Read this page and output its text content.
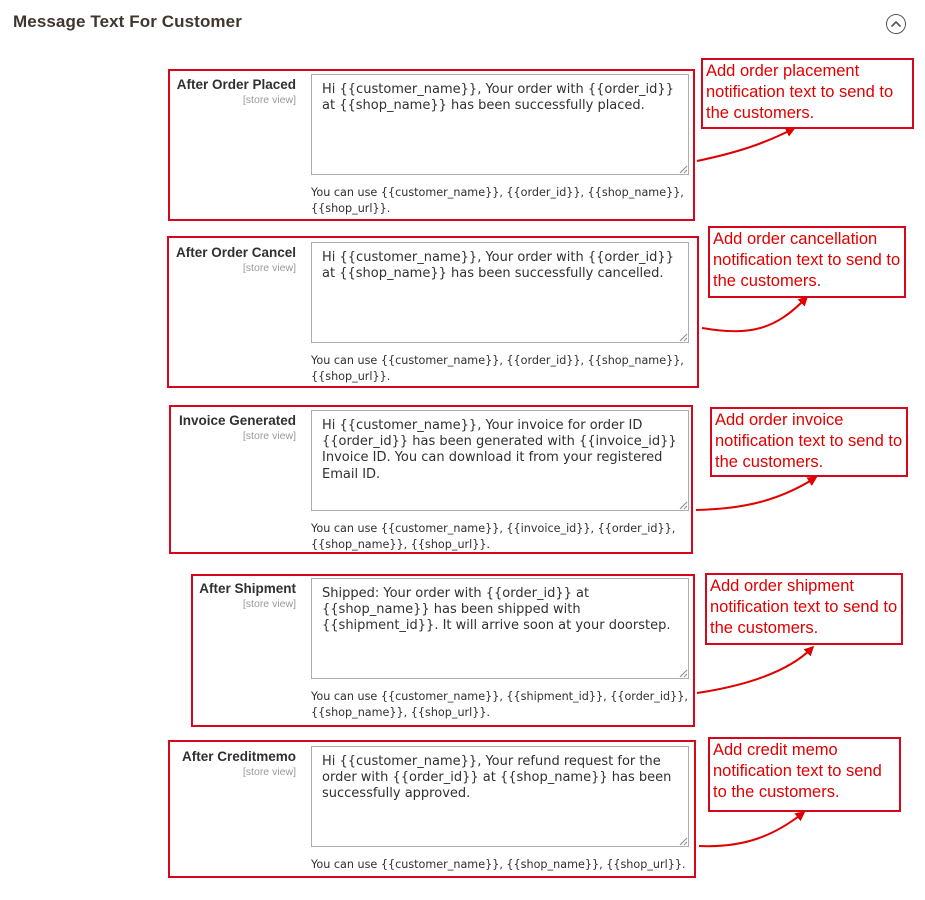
Message Text For Customer
After Order Placed
[store view]
Hi {{customer_name}}, Your order with {{order_id}} at {{shop_name}} has been successfully placed.
You can use {{customer_name}}, {{order_id}}, {{shop_name}},
{{shop_url}}.
Add order placement notification text to send to the customers.
After Order Cancel
[store view]
Hi {{customer_name}}, Your order with {{order_id}} at {{shop_name}} has been successfully cancelled.
You can use {{customer_name}}, {{order_id}}, {{shop_name}},
{{shop_url}}.
Add order cancellation notification text to send to the customers.
Invoice Generated
[store view]
Hi {{customer_name}}, Your invoice for order ID {{order_id}} has been generated with {{invoice_id}} Invoice ID. You can download it from your registered Email ID.
You can use {{customer_name}}, {{invoice_id}}, {{order_id}},
{{shop_name}}, {{shop_url}}.
Add order invoice notification text to send to the customers.
After Shipment
[store view]
Shipped: Your order with {{order_id}} at {{shop_name}} has been shipped with {{shipment_id}}. It will arrive soon at your doorstep.
You can use {{customer_name}}, {{shipment_id}}, {{order_id}},
{{shop_name}}, {{shop_url}}.
Add order shipment notification text to send to the customers.
After Creditmemo
[store view]
Hi {{customer_name}}, Your refund request for the order with {{order_id}} at {{shop_name}} has been successfully approved.
You can use {{customer_name}}, {{shop_name}}, {{shop_url}}.
Add credit memo notification text to send to the customers.
